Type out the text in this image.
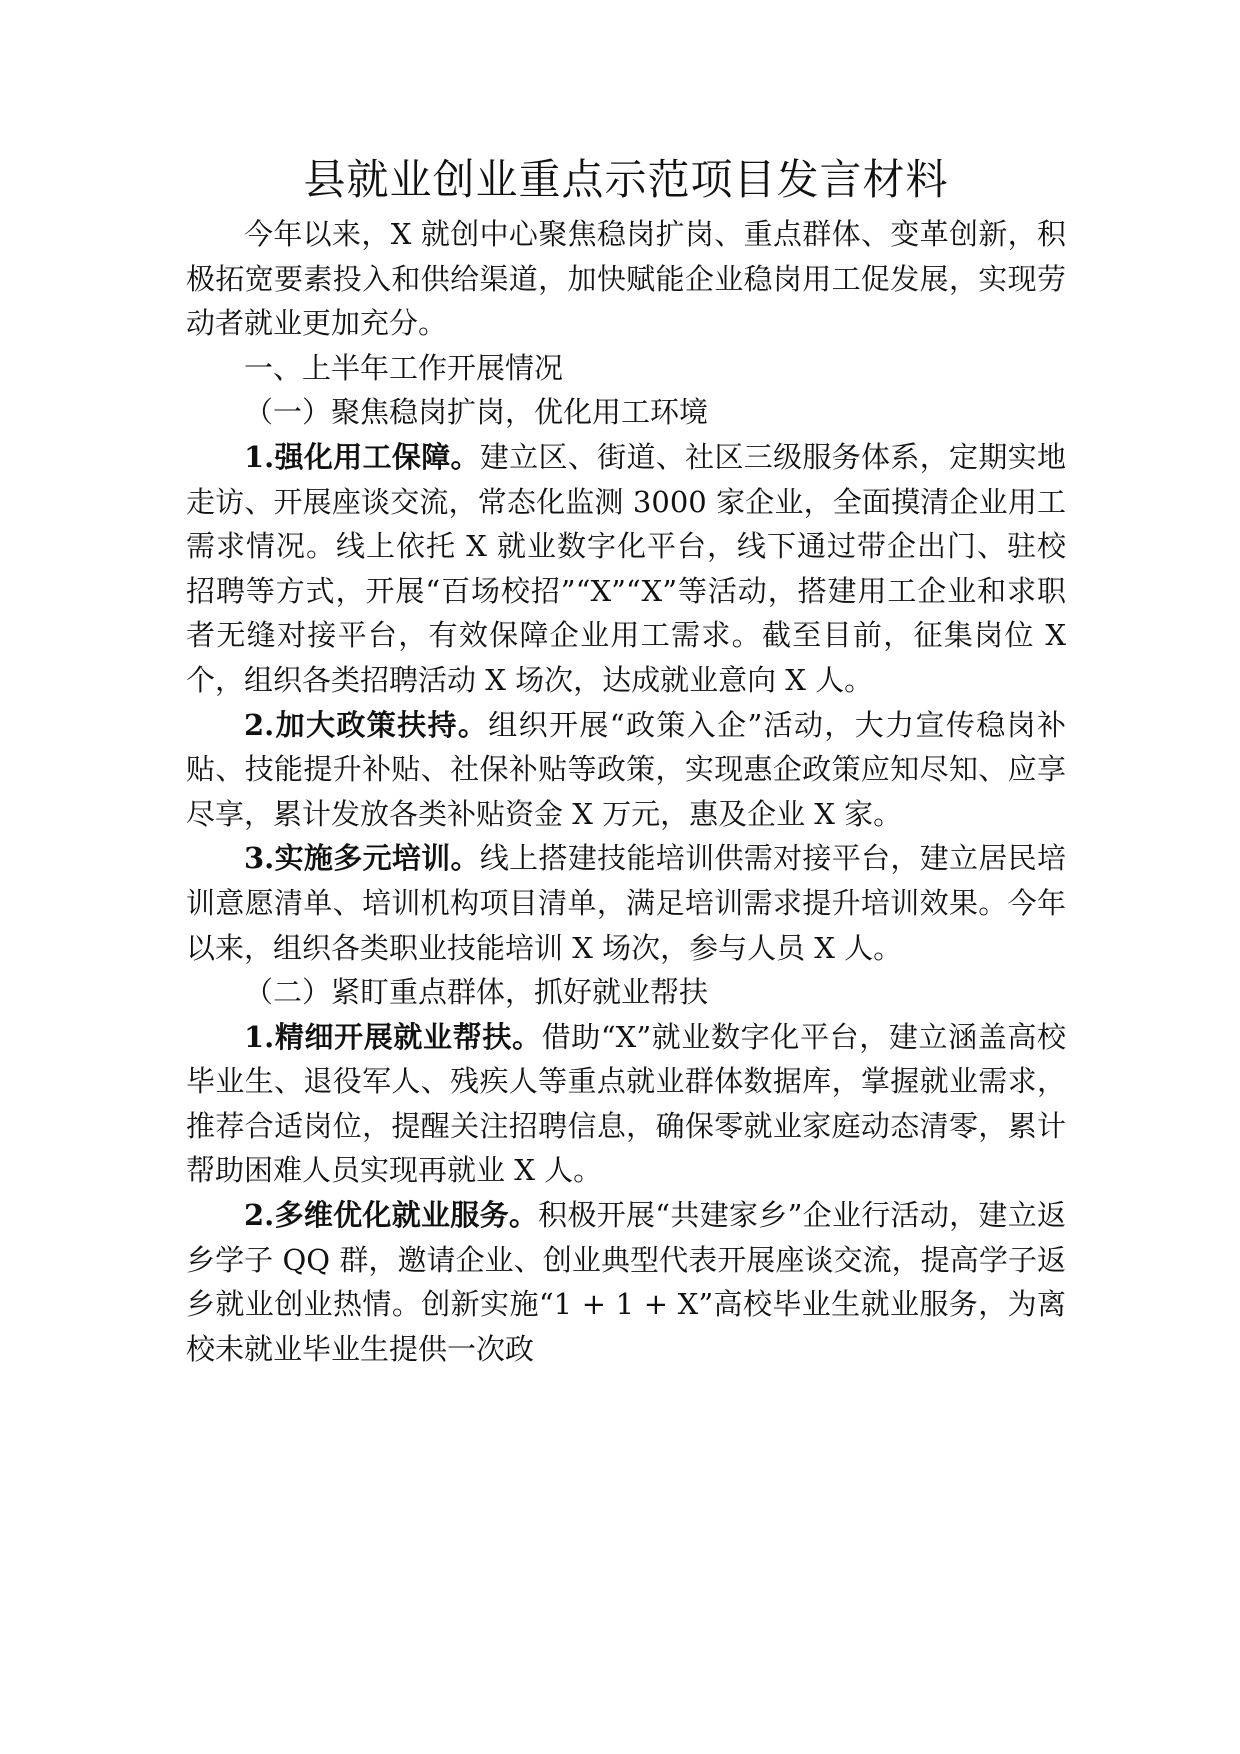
县就业创业重点示范项目发言材料

今年以来，X 就创中心聚焦稳岗扩岗、重点群体、变革创新，积极拓宽要素投入和供给渠道，加快赋能企业稳岗用工促发展，实现劳动者就业更加充分。

一、上半年工作开展情况

（一）聚焦稳岗扩岗，优化用工环境

1.强化用工保障。建立区、街道、社区三级服务体系，定期实地走访、开展座谈交流，常态化监测 3000 家企业，全面摸清企业用工需求情况。线上依托 X 就业数字化平台，线下通过带企出门、驻校招聘等方式，开展“百场校招”“X”“X”等活动，搭建用工企业和求职者无缝对接平台，有效保障企业用工需求。截至目前，征集岗位 X 个，组织各类招聘活动 X 场次，达成就业意向 X 人。

2.加大政策扶持。组织开展“政策入企”活动，大力宣传稳岗补贴、技能提升补贴、社保补贴等政策，实现惠企政策应知尽知、应享尽享，累计发放各类补贴资金 X 万元，惠及企业 X 家。

3.实施多元培训。线上搭建技能培训供需对接平台，建立居民培训意愿清单、培训机构项目清单，满足培训需求提升培训效果。今年以来，组织各类职业技能培训 X 场次，参与人员 X 人。

（二）紧盯重点群体，抓好就业帮扶

1.精细开展就业帮扶。借助“X”就业数字化平台，建立涵盖高校毕业生、退役军人、残疾人等重点就业群体数据库，掌握就业需求，推荐合适岗位，提醒关注招聘信息，确保零就业家庭动态清零，累计帮助困难人员实现再就业 X 人。

2.多维优化就业服务。积极开展“共建家乡”企业行活动，建立返乡学子 QQ 群，邀请企业、创业典型代表开展座谈交流，提高学子返乡就业创业热情。创新实施“1 + 1 + X”高校毕业生就业服务，为离校未就业毕业生提供一次政
